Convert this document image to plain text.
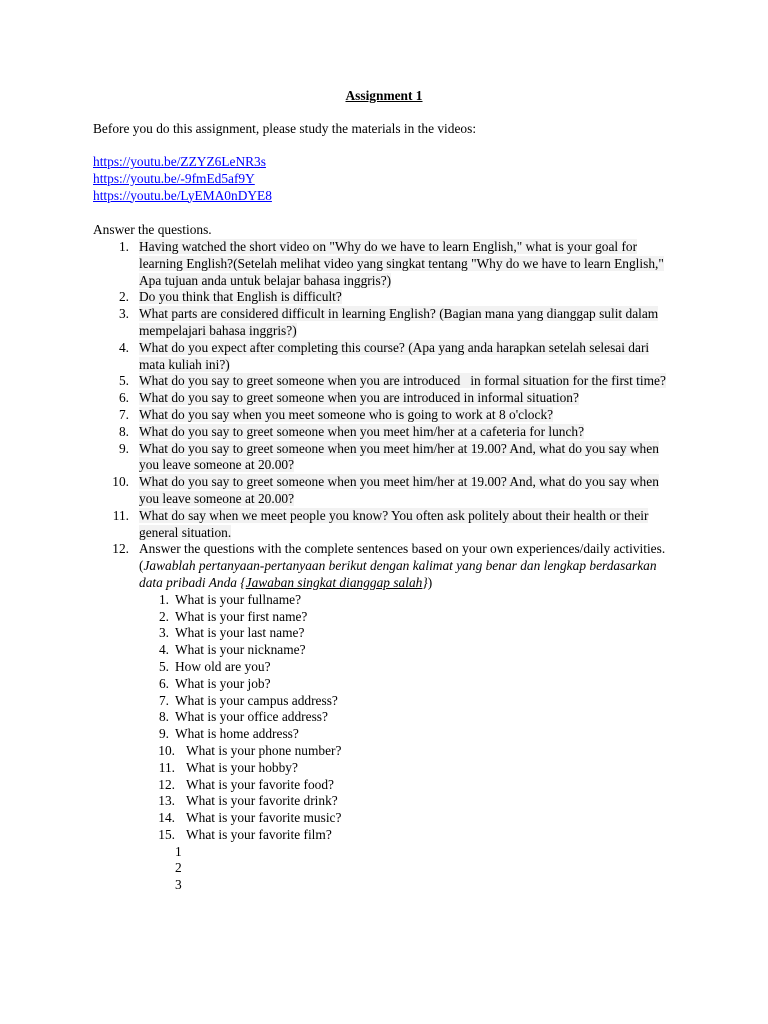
Assignment 1
Before you do this assignment, please study the materials in the videos:
https://youtu.be/ZZYZ6LeNR3s
https://youtu.be/-9fmEd5af9Y
https://youtu.be/LyEMA0nDYE8
Answer the questions.
1. Having watched the short video on "Why do we have to learn English," what is your goal for learning English?(Setelah melihat video yang singkat tentang "Why do we have to learn English," Apa tujuan anda untuk belajar bahasa inggris?)
2. Do you think that English is difficult?
3. What parts are considered difficult in learning English? (Bagian mana yang dianggap sulit dalam mempelajari bahasa inggris?)
4. What do you expect after completing this course? (Apa yang anda harapkan setelah selesai dari mata kuliah ini?)
5. What do you say to greet someone when you are introduced   in formal situation for the first time?
6. What do you say to greet someone when you are introduced in informal situation?
7. What do you say when you meet someone who is going to work at 8 o'clock?
8. What do you say to greet someone when you meet him/her at a cafeteria for lunch?
9. What do you say to greet someone when you meet him/her at 19.00? And, what do you say when you leave someone at 20.00?
10. What do you say to greet someone when you meet him/her at 19.00? And, what do you say when you leave someone at 20.00?
11. What do say when we meet people you know? You often ask politely about their health or their general situation.
12. Answer the questions with the complete sentences based on your own experiences/daily activities. (Jawablah pertanyaan-pertanyaan berikut dengan kalimat yang benar dan lengkap berdasarkan data pribadi Anda {Jawaban singkat dianggap salah})
1. What is your fullname?
2. What is your first name?
3. What is your last name?
4. What is your nickname?
5. How old are you?
6. What is your job?
7. What is your campus address?
8. What is your office address?
9. What is home address?
10. What is your phone number?
11. What is your hobby?
12. What is your favorite food?
13. What is your favorite drink?
14. What is your favorite music?
15. What is your favorite film?
1
2
3
